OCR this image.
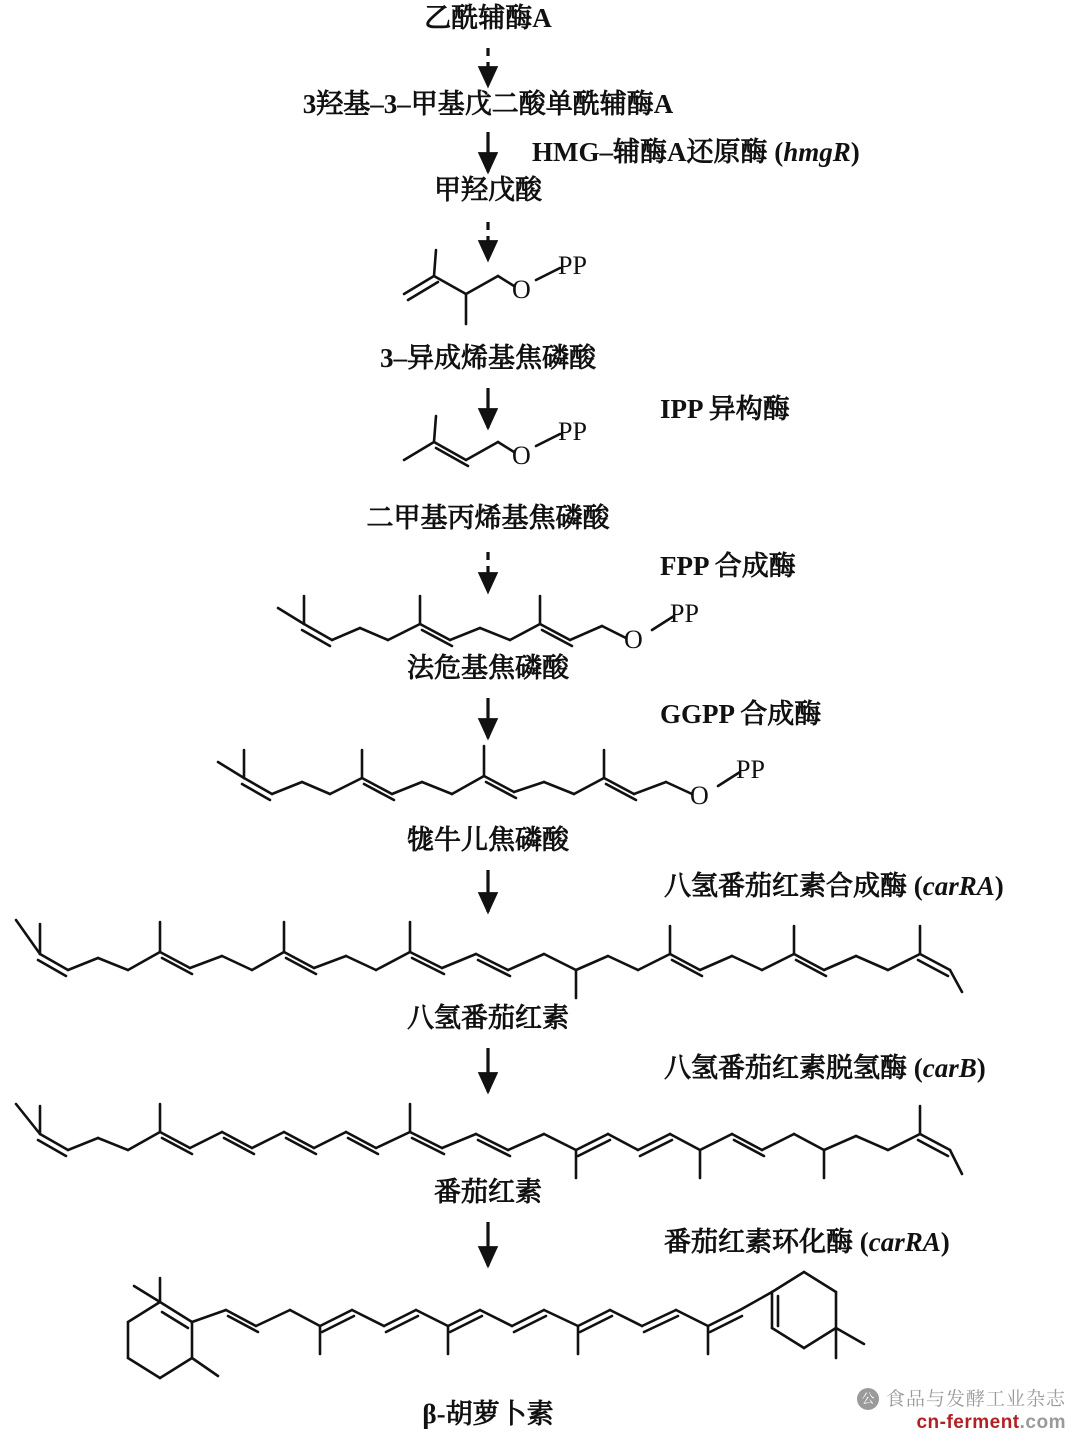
乙酰辅酶A
3羟基–3–甲基戊二酸单酰辅酶A
甲羟戊酸
3–异成烯基焦磷酸
二甲基丙烯基焦磷酸
法危基焦磷酸
牻牛儿焦磷酸
八氢番茄红素
番茄红素
β‐胡萝卜素
HMG–辅酶A还原酶 (hmgR)
IPP 异构酶
FPP 合成酶
GGPP 合成酶
八氢番茄红素合成酶 (carRA)
八氢番茄红素脱氢酶 (carB)
番茄红素环化酶 (carRA)
O
PP
O
PP
O
PP
O
PP
公 食品与发酵工业杂志
cn-ferment.com
